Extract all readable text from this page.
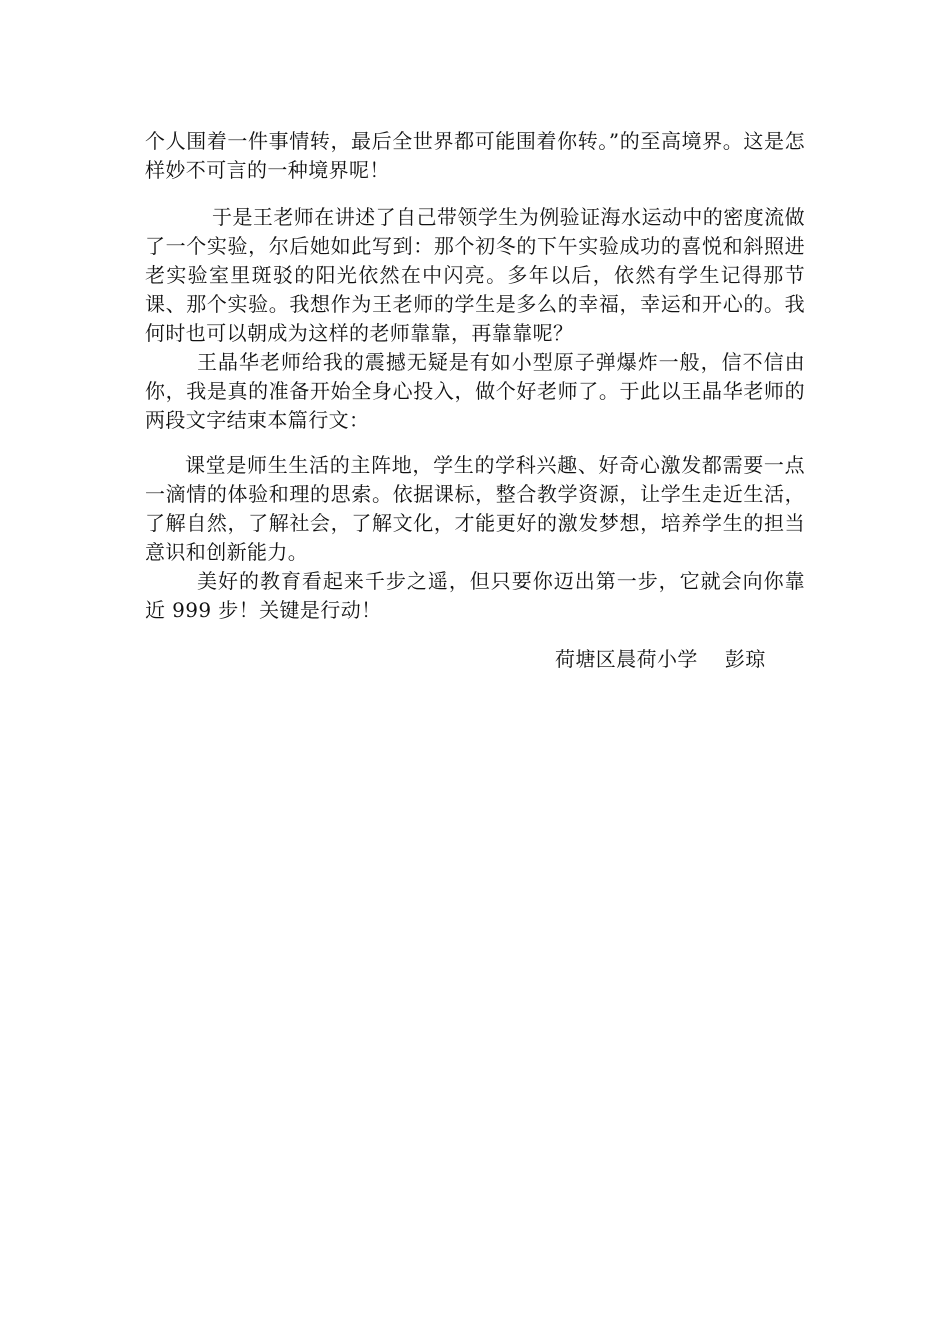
个人围着一件事情转，最后全世界都可能围着你转。”的至高境界。这是怎样妙不可言的一种境界呢！

于是王老师在讲述了自己带领学生为例验证海水运动中的密度流做了一个实验，尔后她如此写到：那个初冬的下午实验成功的喜悦和斜照进老实验室里斑驳的阳光依然在中闪亮。多年以后，依然有学生记得那节课、那个实验。我想作为王老师的学生是多么的幸福，幸运和开心的。我何时也可以朝成为这样的老师靠靠，再靠靠呢？

王晶华老师给我的震撼无疑是有如小型原子弹爆炸一般，信不信由你，我是真的准备开始全身心投入，做个好老师了。于此以王晶华老师的两段文字结束本篇行文：

课堂是师生生活的主阵地，学生的学科兴趣、好奇心激发都需要一点一滴情的体验和理的思索。依据课标，整合教学资源，让学生走近生活，了解自然，了解社会，了解文化，才能更好的激发梦想，培养学生的担当意识和创新能力。

美好的教育看起来千步之遥，但只要你迈出第一步，它就会向你靠近 999 步！关键是行动！

荷塘区晨荷小学    彭琼
